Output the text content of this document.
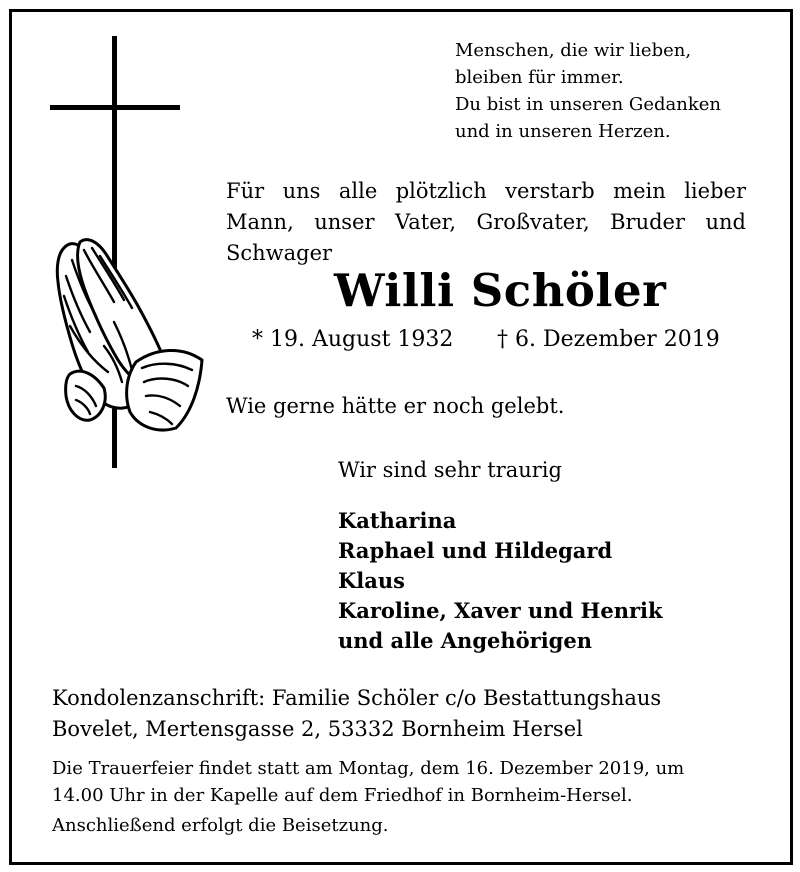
Menschen, die wir lieben,
bleiben für immer.
Du bist in unseren Gedanken
und in unseren Herzen.
Für uns alle plötzlich verstarb mein lieber Mann, unser Vater, Großvater, Bruder und Schwager
Willi Schöler
* 19. August 1932 † 6. Dezember 2019
Wie gerne hätte er noch gelebt.
Wir sind sehr traurig
Katharina
Raphael und Hildegard
Klaus
Karoline, Xaver und Henrik
und alle Angehörigen
Kondolenzanschrift: Familie Schöler c/o Bestattungshaus
Bovelet, Mertensgasse 2, 53332 Bornheim Hersel
Die Trauerfeier findet statt am Montag, dem 16. Dezember 2019, um
14.00 Uhr in der Kapelle auf dem Friedhof in Bornheim-Hersel.
Anschließend erfolgt die Beisetzung.
